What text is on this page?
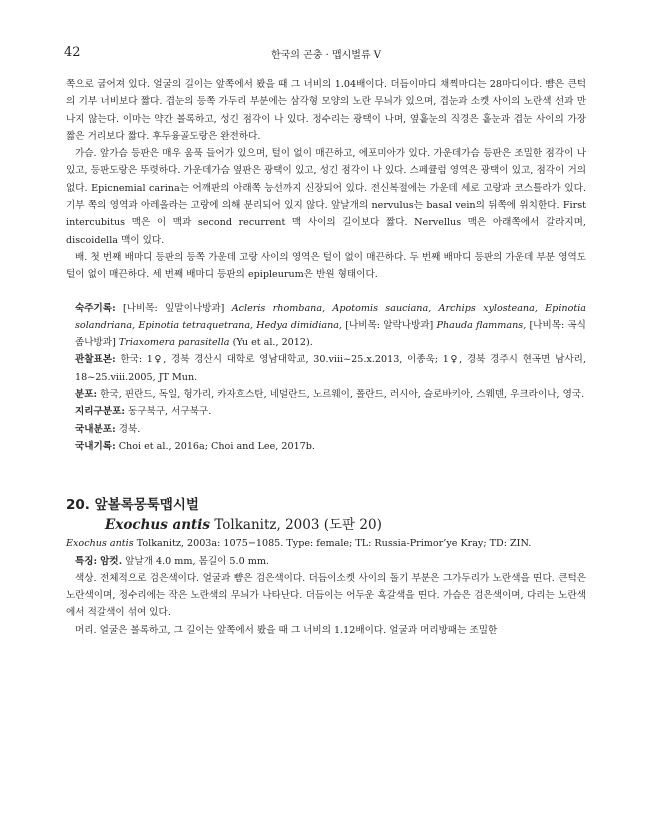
42	한국의 곤충 · 맵시벌류 Ⅴ

쪽으로 굽어져 있다. 얼굴의 길이는 앞쪽에서 봤을 때 그 너비의 1.04배이다. 더듬이마디 채찍마디는 28마디이다. 뺨은 큰턱의 기부 너비보다 짧다. 겹눈의 등쪽 가두리 부분에는 삼각형 모양의 노란 무늬가 있으며, 겹눈과 소켓 사이의 노란색 선과 만나지 않는다. 이마는 약간 볼록하고, 성긴 점각이 나 있다. 정수리는 광택이 나며, 옆홑눈의 직경은 홑눈과 겹눈 사이의 가장 짧은 거리보다 짧다. 후두융골도랑은 완전하다.

가슴. 앞가슴 등판은 매우 움푹 들어가 있으며, 털이 없이 매끈하고, 에포미아가 있다. 가운데가슴 등판은 조밀한 점각이 나 있고, 등판도랑은 뚜렷하다. 가운데가슴 옆판은 광택이 있고, 성긴 점각이 나 있다. 스페큘럼 영역은 광택이 있고, 점각이 거의 없다. Epicnemial carina는 어깨판의 아래쪽 능선까지 신장되어 있다. 전신복절에는 가운데 세로 고랑과 코스틀라가 있다. 기부 쪽의 영역과 아레올라는 고랑에 의해 분리되어 있지 않다. 앞날개의 nervulus는 basal vein의 뒤쪽에 위치한다. First intercubitus 맥은 이 맥과 second recurrent 맥 사이의 길이보다 짧다. Nervellus 맥은 아래쪽에서 갈라지며, discoidella 맥이 있다.

배. 첫 번째 배마디 등판의 등쪽 가운데 고랑 사이의 영역은 털이 없이 매끈하다. 두 번째 배마디 등판의 가운데 부분 영역도 털이 없이 매끈하다. 세 번째 배마디 등판의 epipleurum은 반원 형태이다.

숙주기록: [나비목: 잎말이나방과] Acleris rhombana, Apotomis sauciana, Archips xylosteana, Epinotia solandriana, Epinotia tetraquetrana, Hedya dimidiana, [나비목: 알락나방과] Phauda flammans, [나비목: 곡식좀나방과] Triaxomera parasitella (Yu et al., 2012).

관찰표본: 한국: 1♀, 경북 경산시 대학로 영남대학교, 30.viii~25.x.2013, 이종욱; 1♀, 경북 경주시 현곡면 남사리, 18~25.viii.2005, JT Mun.

분포: 한국, 핀란드, 독일, 헝가리, 카자흐스탄, 네덜란드, 노르웨이, 폴란드, 러시아, 슬로바키아, 스웨덴, 우크라이나, 영국.

지리구분포: 동구북구, 서구북구.

국내분포: 경북.

국내기록: Choi et al., 2016a; Choi and Lee, 2017b.

20. 앞볼록몽툭맵시벌
Exochus antis Tolkanitz, 2003 (도판 20)

Exochus antis Tolkanitz, 2003a: 1075−1085. Type: female; TL: Russia-Primor’ye Kray; TD: ZIN.

특징: 암컷. 앞날개 4.0 mm, 몸길이 5.0 mm.

색상. 전체적으로 검은색이다. 얼굴과 뺨은 검은색이다. 더듬이소켓 사이의 돌기 부분은 그가두리가 노란색을 띤다. 큰턱은 노란색이며, 정수리에는 작은 노란색의 무늬가 나타난다. 더듬이는 어두운 흑갈색을 띤다. 가슴은 검은색이며, 다리는 노란색에서 적갈색이 섞여 있다.

머리. 얼굴은 볼록하고, 그 길이는 앞쪽에서 봤을 때 그 너비의 1.12배이다. 얼굴과 머리방패는 조밀한
